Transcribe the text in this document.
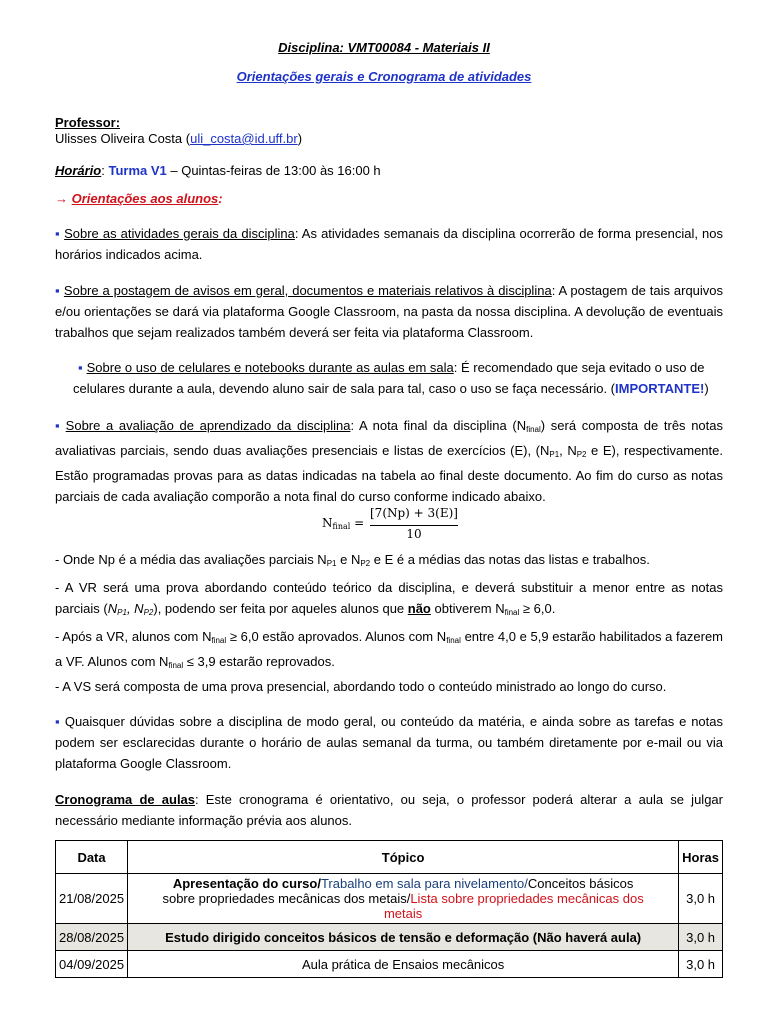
Disciplina: VMT00084 - Materiais II
Orientações gerais e Cronograma de atividades
Professor:
Ulisses Oliveira Costa (uli_costa@id.uff.br)
Horário: Turma V1 – Quintas-feiras de 13:00 às 16:00 h
→ Orientações aos alunos:
▪ Sobre as atividades gerais da disciplina: As atividades semanais da disciplina ocorrerão de forma presencial, nos horários indicados acima.
▪ Sobre a postagem de avisos em geral, documentos e materiais relativos à disciplina: A postagem de tais arquivos e/ou orientações se dará via plataforma Google Classroom, na pasta da nossa disciplina. A devolução de eventuais trabalhos que sejam realizados também deverá ser feita via plataforma Classroom.
▪ Sobre o uso de celulares e notebooks durante as aulas em sala: É recomendado que seja evitado o uso de celulares durante a aula, devendo aluno sair de sala para tal, caso o uso se faça necessário. (IMPORTANTE!)
▪ Sobre a avaliação de aprendizado da disciplina: A nota final da disciplina $(N_{final})$ será composta de três notas avaliativas parciais, sendo duas avaliações presenciais e listas de exercícios (E), ($N_{P1}$, $N_{P2}$ e E), respectivamente. Estão programadas provas para as datas indicadas na tabela ao final deste documento. Ao fim do curso as notas parciais de cada avaliação comporão a nota final do curso conforme indicado abaixo.
$N_{final}$ =
[7(Np) + 3(E)]
10
- Onde Np é a média das avaliações parciais $N_{P1}$ e $N_{P2}$ e E é a médias das notas das listas e trabalhos.
- A VR será uma prova abordando conteúdo teórico da disciplina, e deverá substituir a menor entre as notas parciais ($N_{P1}$, $N_{P2}$), podendo ser feita por aqueles alunos que não obtiverem $N_{final} \ge 6,0$.
- Após a VR, alunos com $N_{final} \ge 6,0$ estão aprovados. Alunos com $N_{final}$ entre 4,0 e 5,9 estarão habilitados a fazerem a VF. Alunos com $N_{final} \le 3,9$ estarão reprovados.
- A VS será composta de uma prova presencial, abordando todo o conteúdo ministrado ao longo do curso.
▪ Quaisquer dúvidas sobre a disciplina de modo geral, ou conteúdo da matéria, e ainda sobre as tarefas e notas podem ser esclarecidas durante o horário de aulas semanal da turma, ou também diretamente por e-mail ou via plataforma Google Classroom.
Cronograma de aulas: Este cronograma é orientativo, ou seja, o professor poderá alterar a aula se julgar necessário mediante informação prévia aos alunos.
Data	Tópico	Horas
21/08/2025	Apresentação do curso/Trabalho em sala para nivelamento/Conceitos básicos sobre propriedades mecânicas dos metais/Lista sobre propriedades mecânicas dos metais	3,0 h
28/08/2025	Estudo dirigido conceitos básicos de tensão e deformação (Não haverá aula)	3,0 h
04/09/2025	Aula prática de Ensaios mecânicos	3,0 h
